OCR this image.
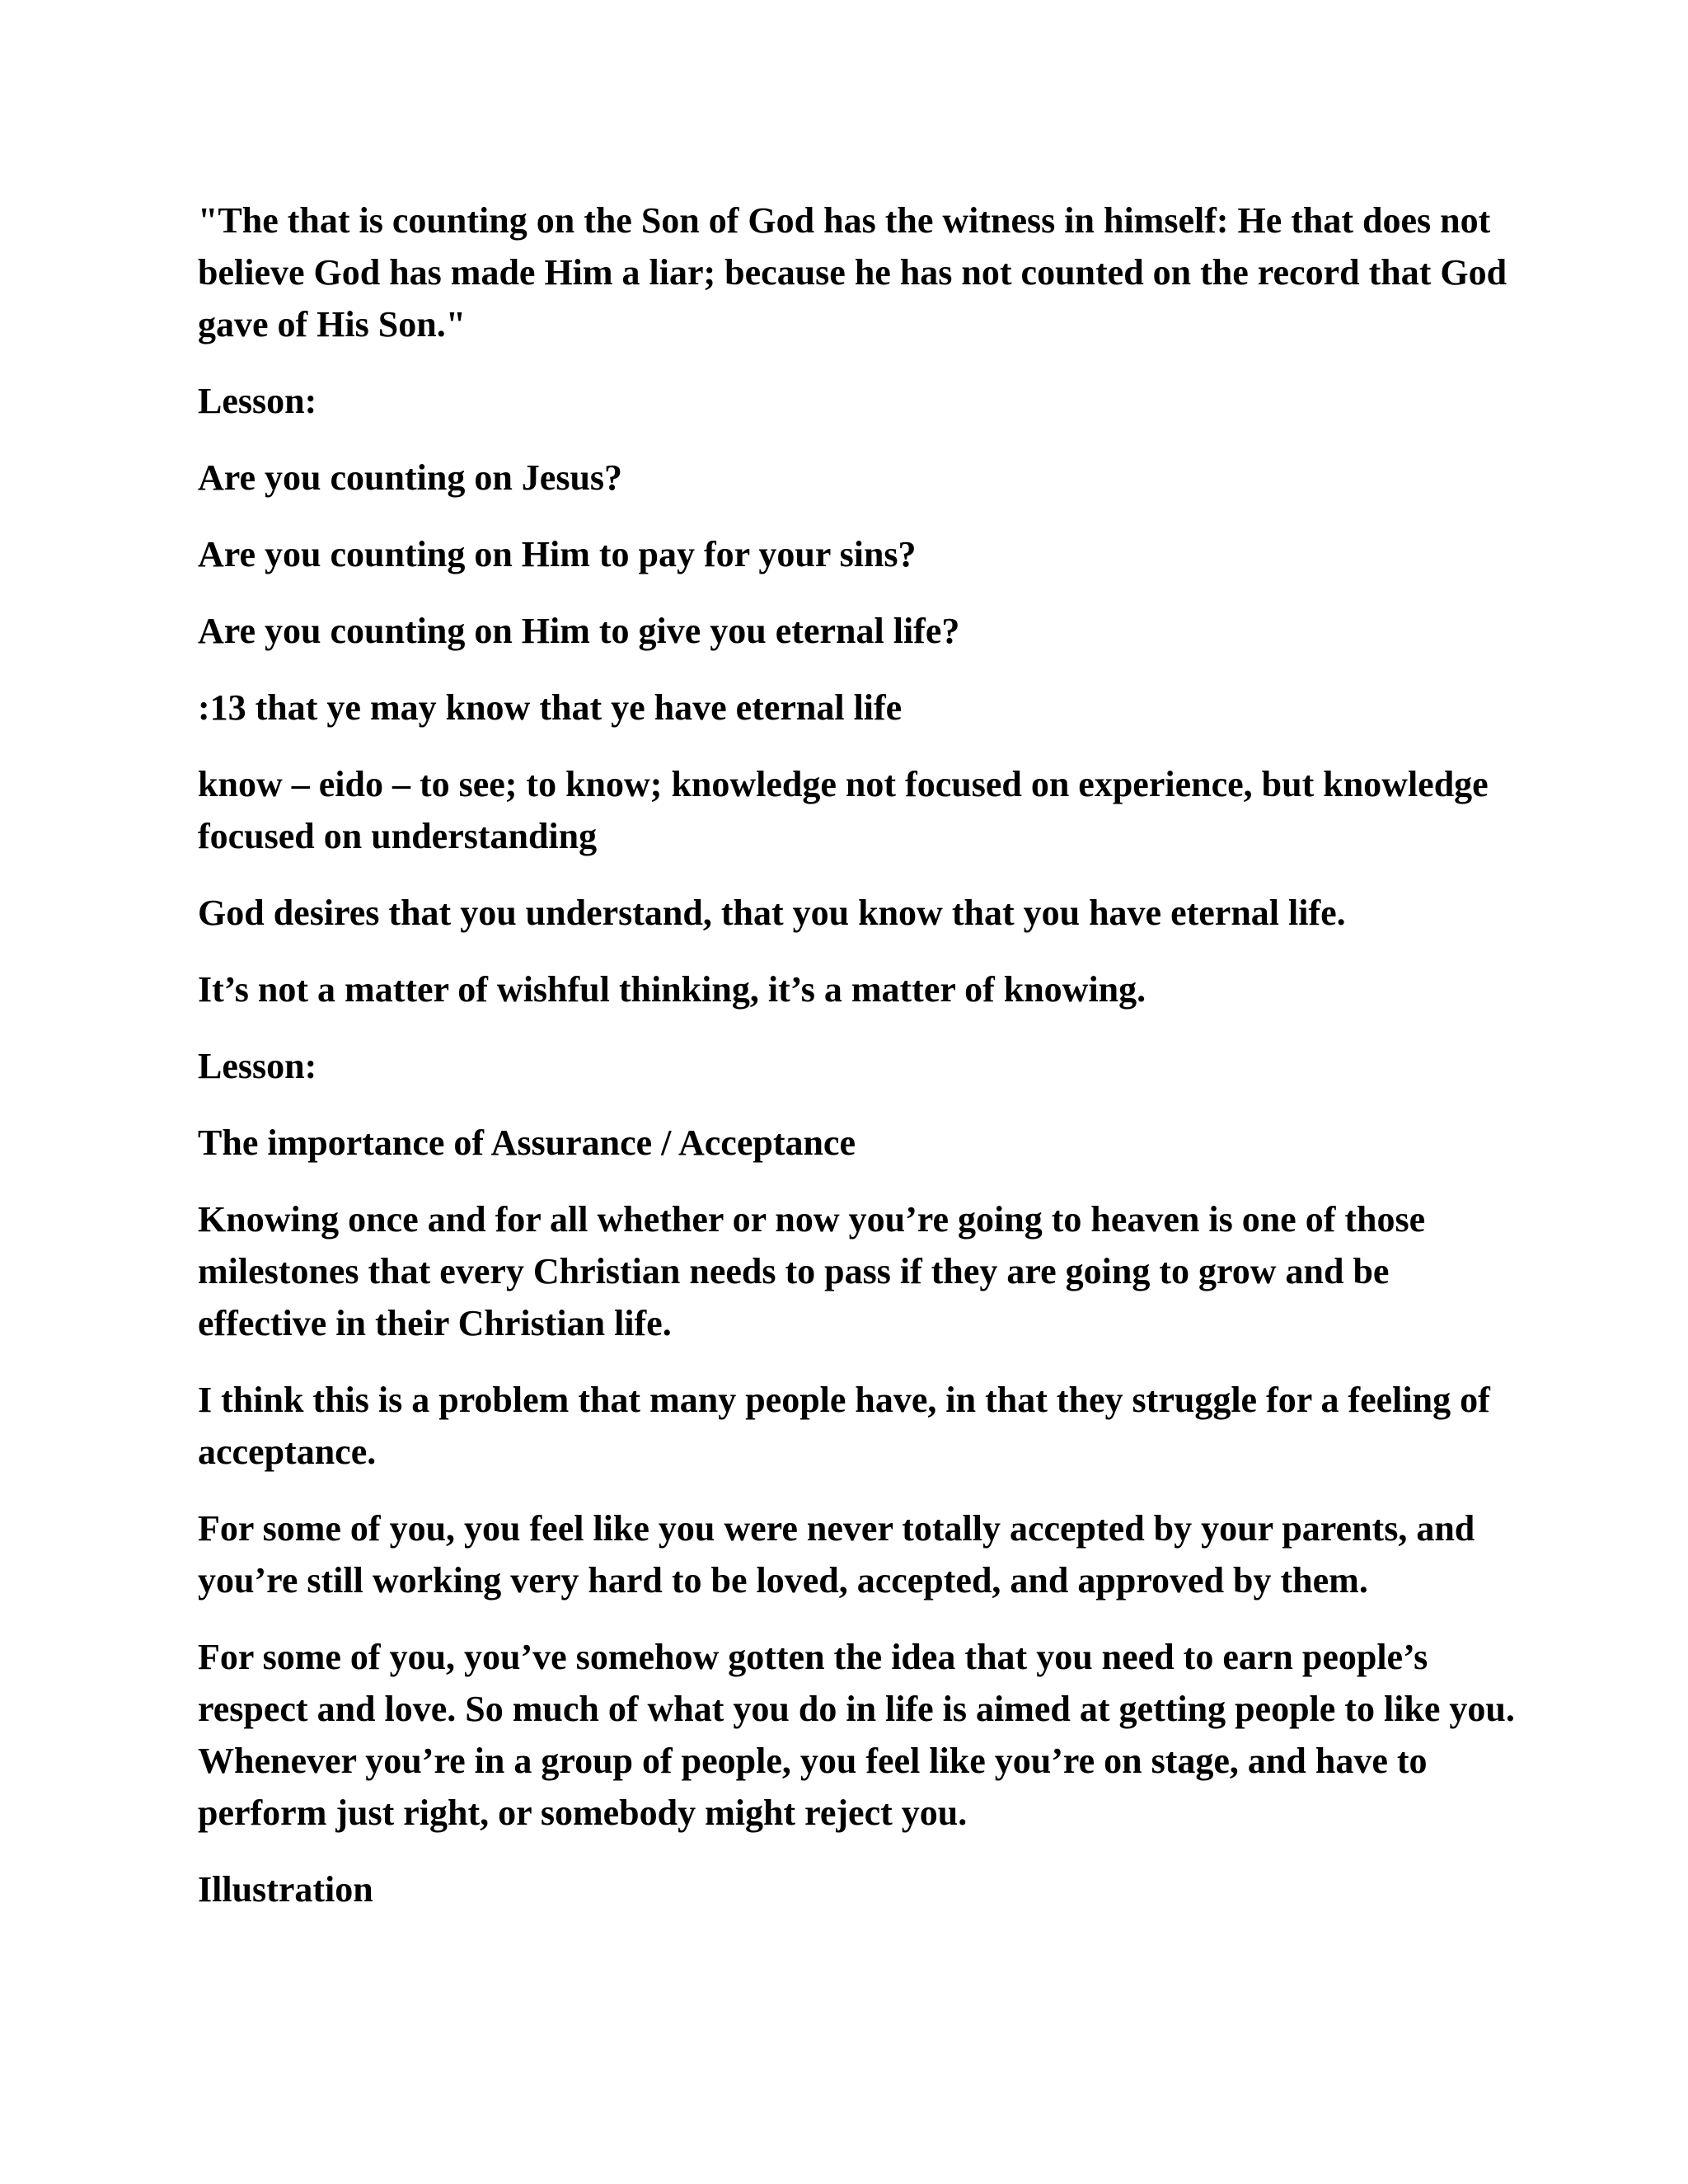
"The that is counting on the Son of God has the witness in himself: He that does not believe God has made Him a liar; because he has not counted on the record that God gave of His Son."

Lesson:

Are you counting on Jesus?

Are you counting on Him to pay for your sins?

Are you counting on Him to give you eternal life?

:13 that ye may know that ye have eternal life

know – eido – to see; to know; knowledge not focused on experience, but knowledge focused on understanding

God desires that you understand, that you know that you have eternal life.

It’s not a matter of wishful thinking, it’s a matter of knowing.

Lesson:

The importance of Assurance / Acceptance

Knowing once and for all whether or now you’re going to heaven is one of those milestones that every Christian needs to pass if they are going to grow and be effective in their Christian life.

I think this is a problem that many people have, in that they struggle for a feeling of acceptance.

For some of you, you feel like you were never totally accepted by your parents, and you’re still working very hard to be loved, accepted, and approved by them.

For some of you, you’ve somehow gotten the idea that you need to earn people’s respect and love. So much of what you do in life is aimed at getting people to like you. Whenever you’re in a group of people, you feel like you’re on stage, and have to perform just right, or somebody might reject you.

Illustration
